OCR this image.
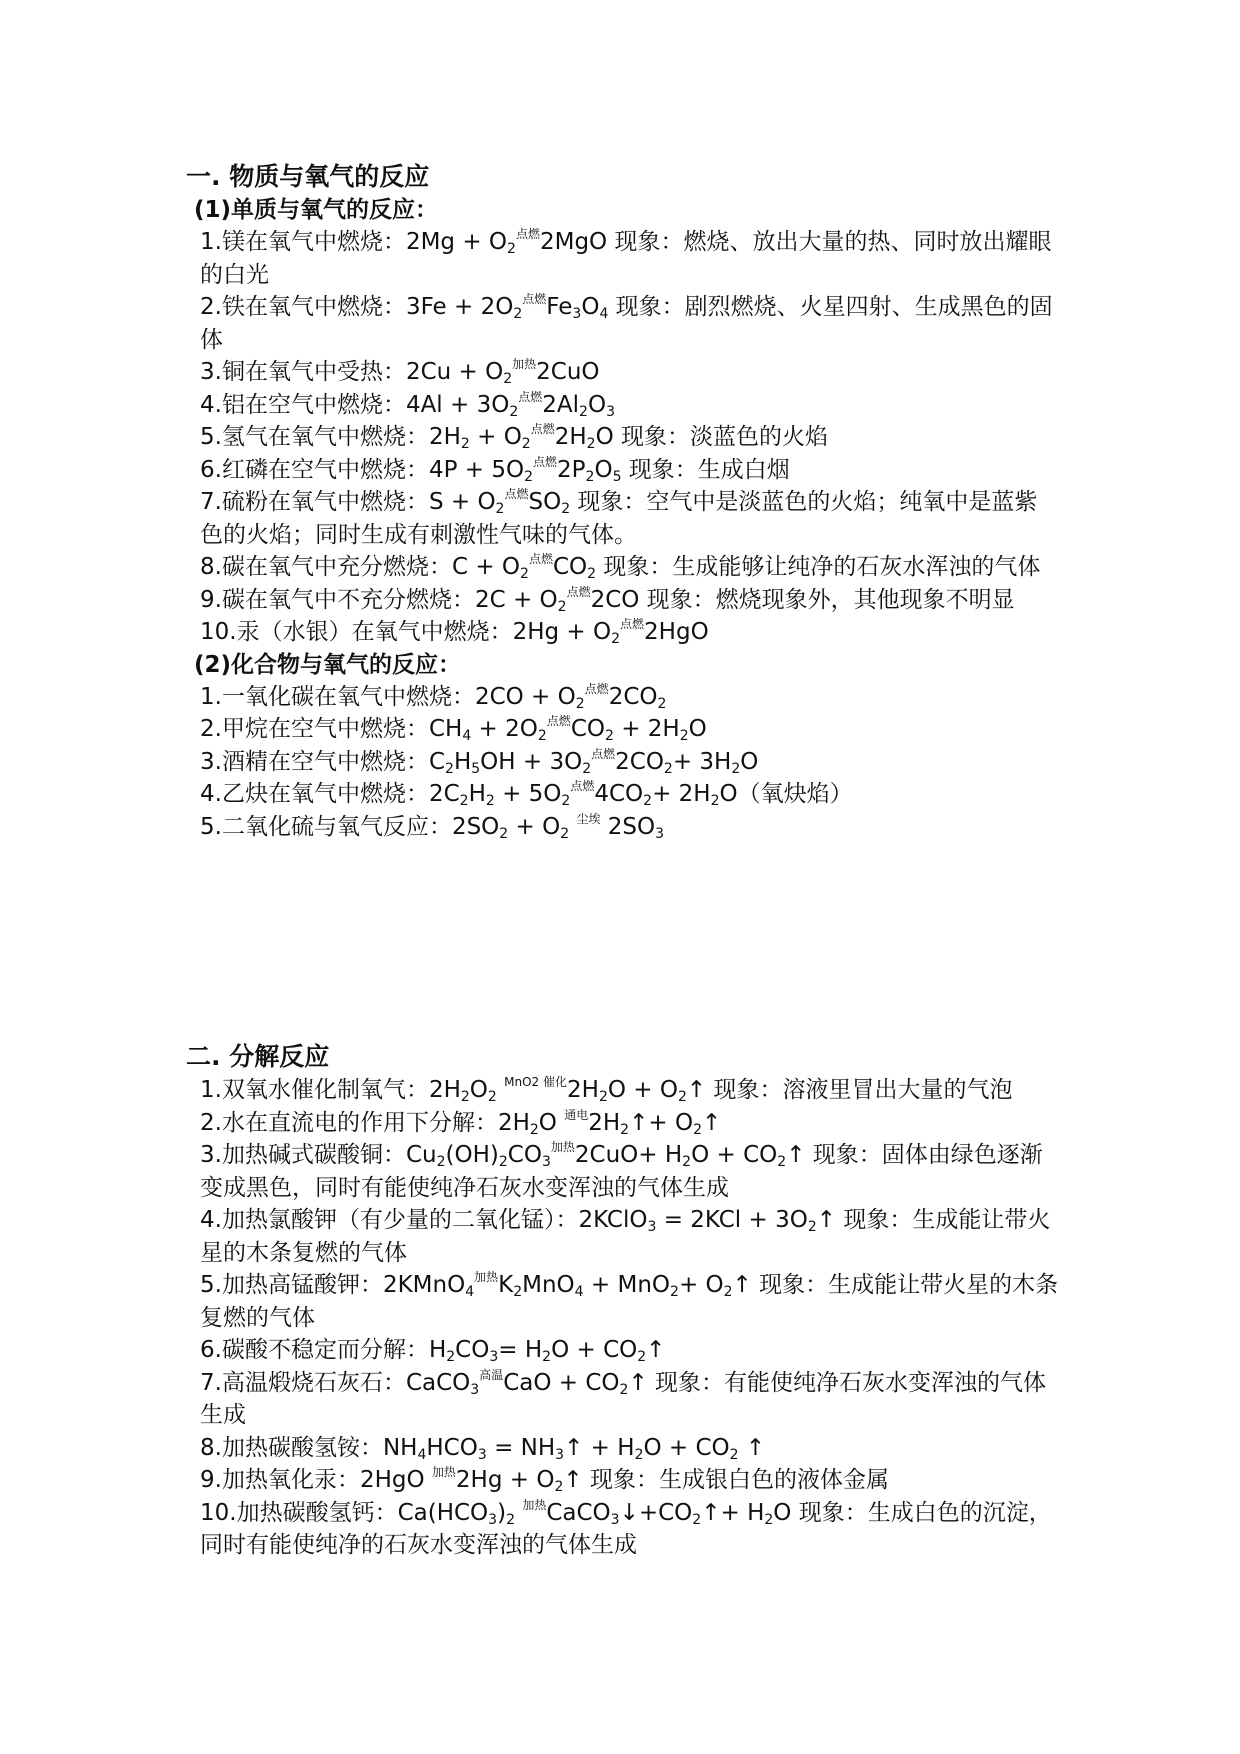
一. 物质与氧气的反应

(1)单质与氧气的反应：

1.镁在氧气中燃烧：$2Mg + O_2^{点燃}2MgO$ 现象：燃烧、放出大量的热、同时放出耀眼的白光

2.铁在氧气中燃烧：$3Fe + 2O_2^{点燃}Fe_3O_4$ 现象：剧烈燃烧、火星四射、生成黑色的固体

3.铜在氧气中受热：$2Cu + O_2^{加热}2CuO$

4.铝在空气中燃烧：$4Al + 3O_2^{点燃}2Al_2O_3$

5.氢气在氧气中燃烧：$2H_2 + O_2^{点燃}2H_2O$ 现象：淡蓝色的火焰

6.红磷在空气中燃烧：$4P + 5O_2^{点燃}2P_2O_5$ 现象：生成白烟

7.硫粉在氧气中燃烧：$S + O_2^{点燃}SO_2$ 现象：空气中是淡蓝色的火焰；纯氧中是蓝紫色的火焰；同时生成有刺激性气味的气体。

8.碳在氧气中充分燃烧：$C + O_2^{点燃}CO_2$ 现象：生成能够让纯净的石灰水浑浊的气体

9.碳在氧气中不充分燃烧：$2C + O_2^{点燃}2CO$ 现象：燃烧现象外，其他现象不明显

10.汞（水银）在氧气中燃烧：$2Hg + O_2^{点燃}2HgO$

(2)化合物与氧气的反应：

1.一氧化碳在氧气中燃烧：$2CO + O_2^{点燃}2CO_2$

2.甲烷在空气中燃烧：$CH_4 + 2O_2^{点燃}CO_2 + 2H_2O$

3.酒精在空气中燃烧：$C_2H_5OH + 3O_2^{点燃}2CO_2+ 3H_2O$

4.乙炔在氧气中燃烧：$2C_2H_2 + 5O_2^{点燃}4CO_2+ 2H_2O$（氧炔焰）

5.二氧化硫与氧气反应：$2SO_2 + O_2$ $^{尘埃}$ $2SO_3$

二. 分解反应

1.双氧水催化制氧气：$2H_2O_2$ $^{MnO2 催化}2H_2O$ + $O_2↑$ 现象：溶液里冒出大量的气泡

2.水在直流电的作用下分解：$2H_2O$ $^{通电}2H_2↑+$ $O_2↑$

3.加热碱式碳酸铜：$Cu_2(OH)_2CO_3^{加热}2CuO+ H_2O$ + $CO_2↑$ 现象：固体由绿色逐渐变成黑色，同时有能使纯净石灰水变浑浊的气体生成

4.加热氯酸钾（有少量的二氧化锰）：2KClO$_3$ = $2KCl + 3O_2↑$ 现象：生成能让带火星的木条复燃的气体

5.加热高锰酸钾：$2KMnO_4^{加热}K_2MnO_4 + MnO_2+$ $O_2↑$ 现象：生成能让带火星的木条复燃的气体

6.碳酸不稳定而分解：$H_2CO_3= H_2O$ + $CO_2↑$

7.高温煅烧石灰石：CaCO$_3^{高温}$CaO + $CO_2↑$ 现象：有能使纯净石灰水变浑浊的气体生成

8.加热碳酸氢铵：$NH_4HCO_3$ = $NH_3↑ + H_2O + CO_2$ ↑

9.加热氧化汞：2HgO $^{加热}2Hg + O_2↑$ 现象：生成银白色的液体金属

10.加热碳酸氢钙：$Ca(HCO_3)_2$ $^{加热}CaCO_3↓+CO_2↑+ H_2O$ 现象：生成白色的沉淀，同时有能使纯净的石灰水变浑浊的气体生成
